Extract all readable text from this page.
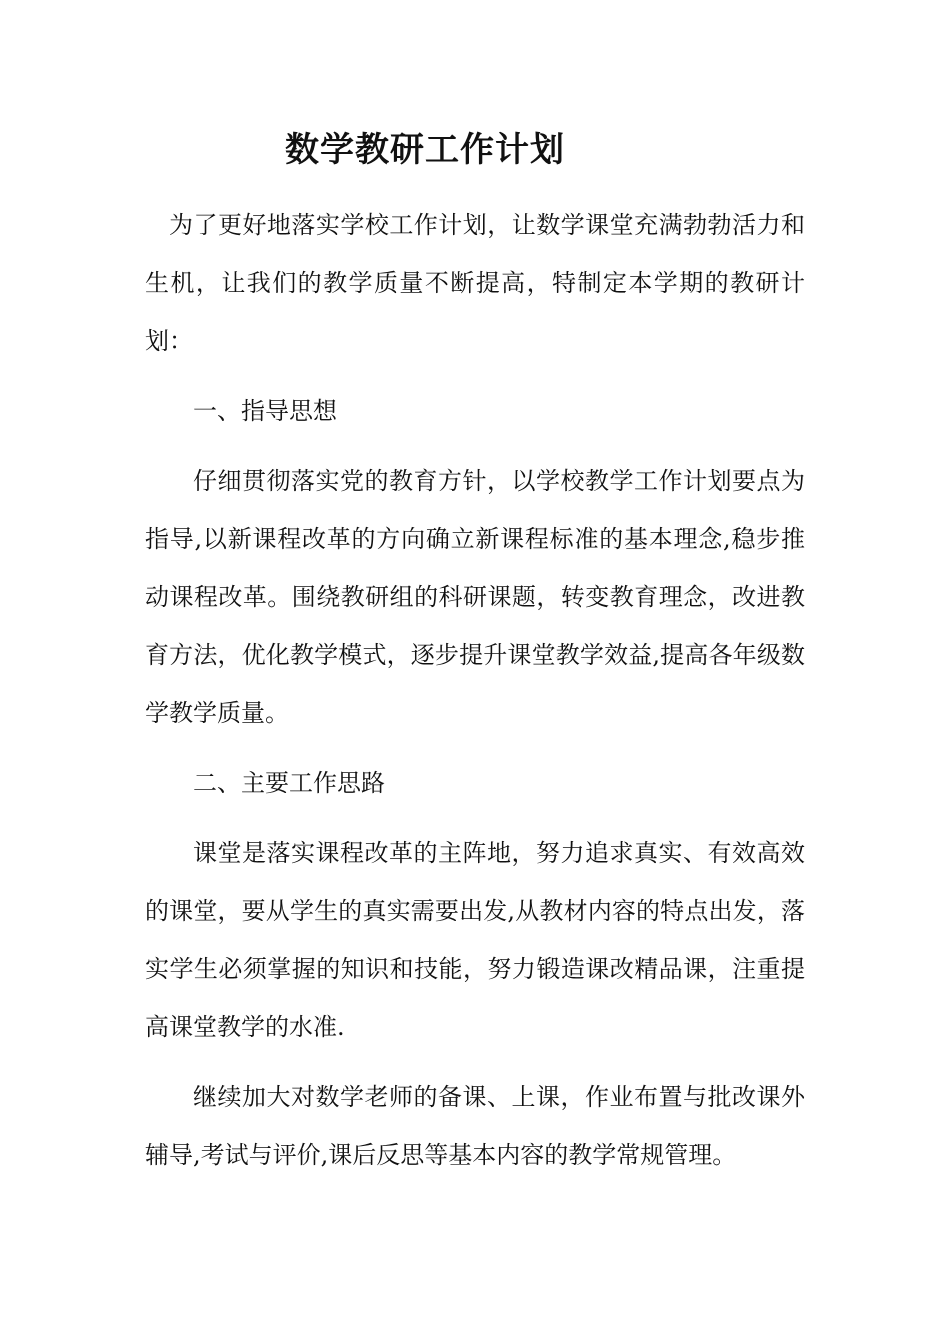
数学教研工作计划

为了更好地落实学校工作计划，让数学课堂充满勃勃活力和生机，让我们的教学质量不断提高，特制定本学期的教研计划：

一、指导思想

仔细贯彻落实党的教育方针，以学校教学工作计划要点为指导,以新课程改革的方向确立新课程标准的基本理念,稳步推动课程改革。围绕教研组的科研课题，转变教育理念，改进教育方法，优化教学模式，逐步提升课堂教学效益,提高各年级数学教学质量。

二、主要工作思路

课堂是落实课程改革的主阵地，努力追求真实、有效高效的课堂，要从学生的真实需要出发,从教材内容的特点出发，落实学生必须掌握的知识和技能，努力锻造课改精品课，注重提高课堂教学的水准.

继续加大对数学老师的备课、上课，作业布置与批改课外辅导,考试与评价,课后反思等基本内容的教学常规管理。
